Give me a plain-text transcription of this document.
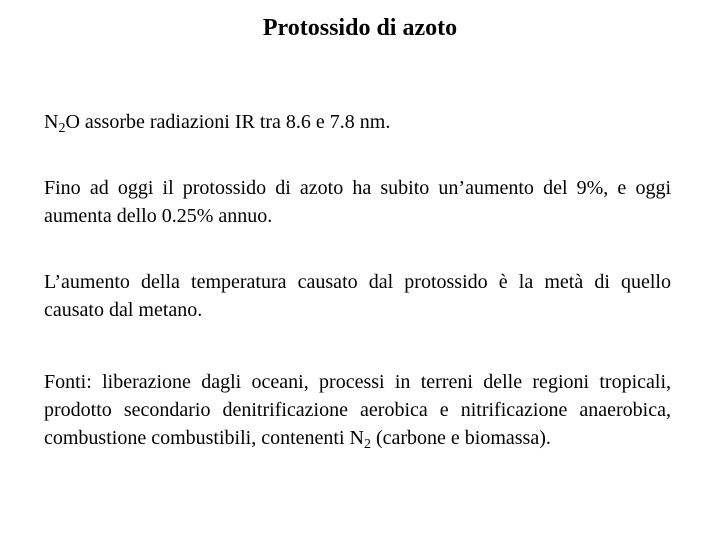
Protossido di azoto

$N_2O$ assorbe radiazioni IR tra 8.6 e 7.8 nm.

Fino ad oggi il protossido di azoto ha subito un’aumento del 9%, e oggi aumenta dello 0.25% annuo.

L’aumento della temperatura causato dal protossido è la metà di quello causato dal metano.

Fonti: liberazione dagli oceani, processi in terreni delle regioni tropicali, prodotto secondario denitrificazione aerobica e nitrificazione anaerobica, combustione combustibili, contenenti $N_2$ (carbone e biomassa).
